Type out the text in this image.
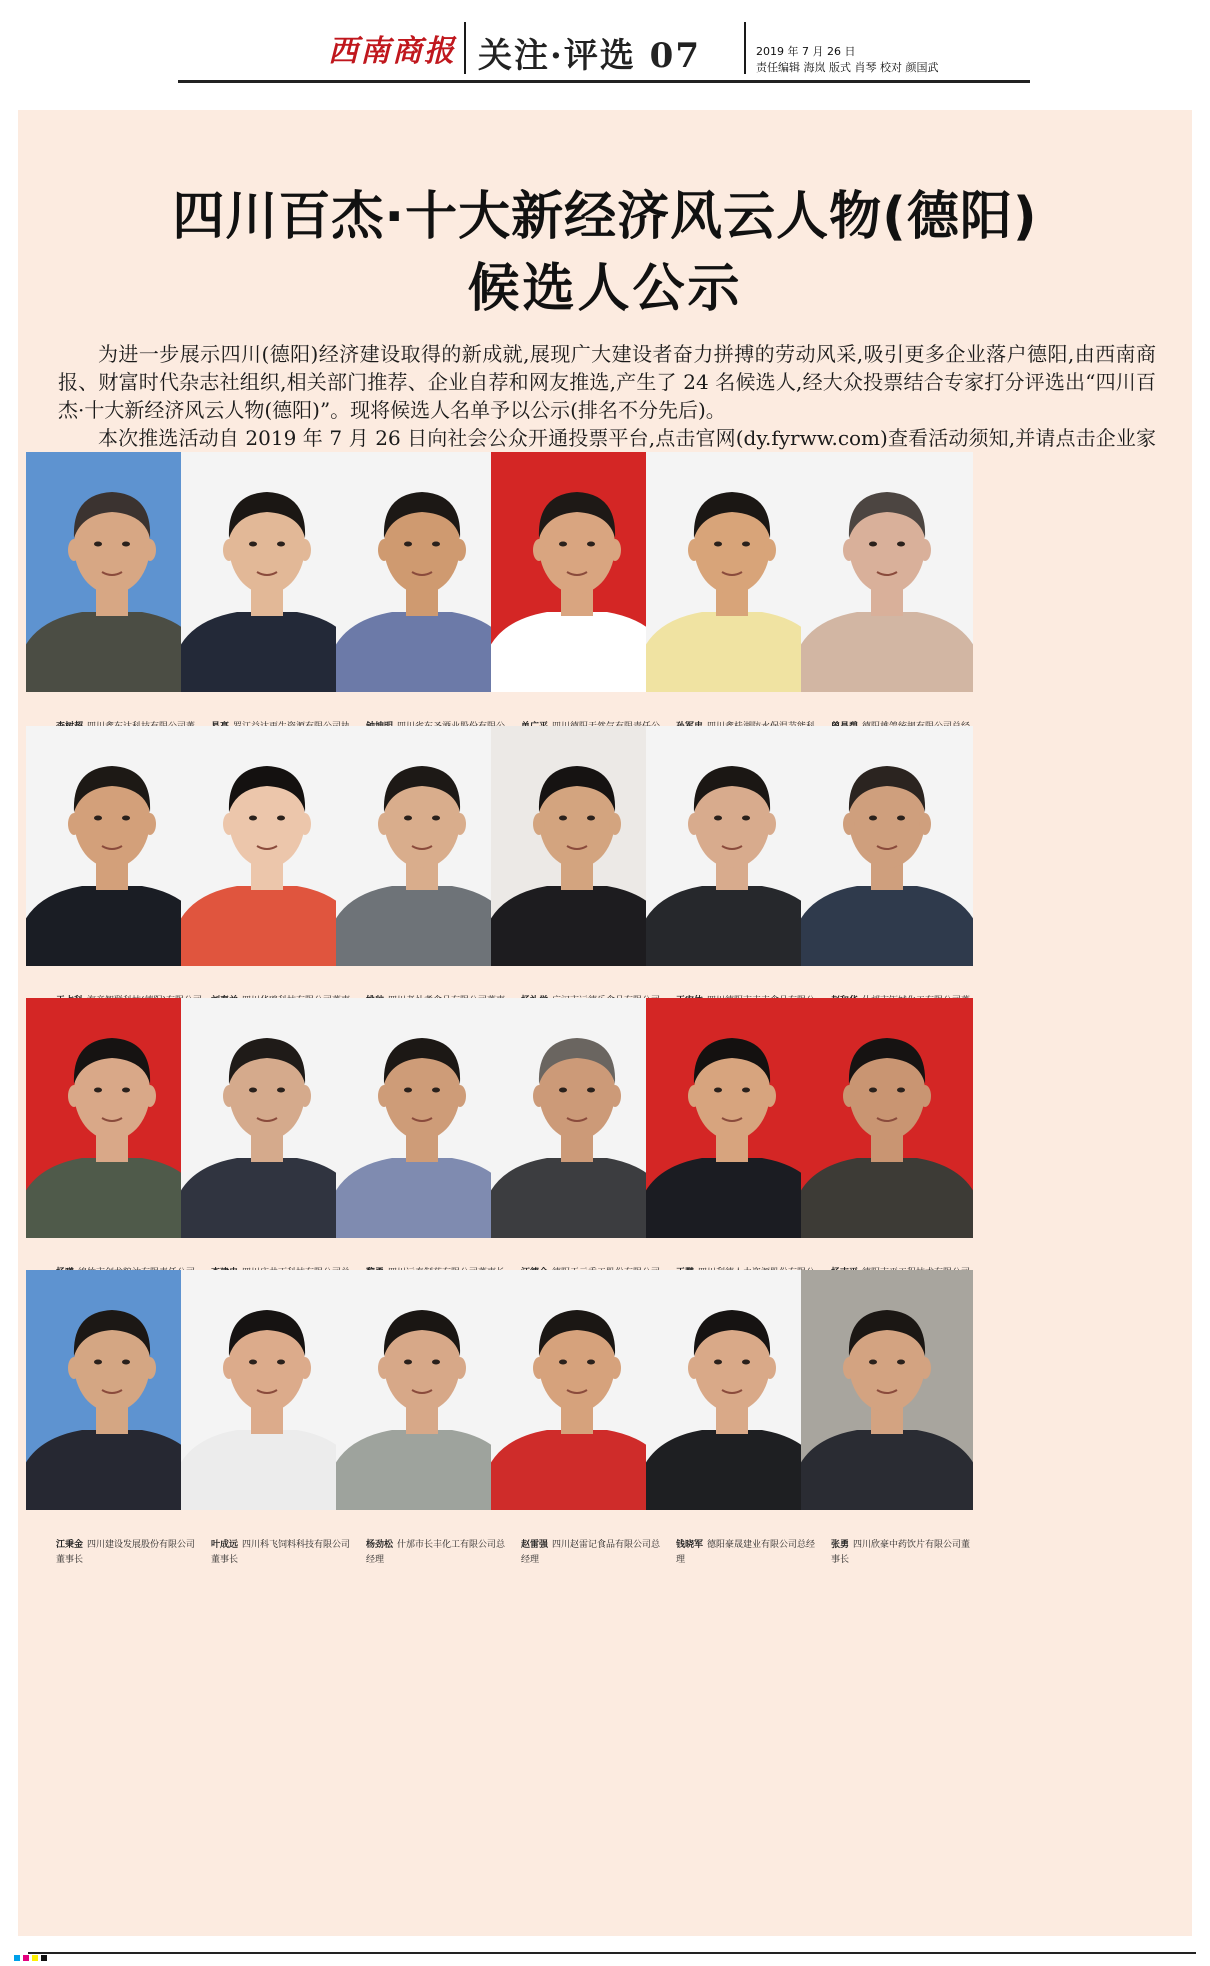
西南商报 关注·评选 07	2019 年 7 月 26 日
责任编辑 海岚 版式 肖琴 校对 颜国武
四川百杰·十大新经济风云人物(德阳)
候选人公示

为进一步展示四川(德阳)经济建设取得的新成就,展现广大建设者奋力拼搏的劳动风采,吸引更多企业落户德阳,由西南商报、财富时代杂志社组织,相关部门推荐、企业自荐和网友推选,产生了 24 名候选人,经大众投票结合专家打分评选出“四川百杰·十大新经济风云人物(德阳)”。现将候选人名单予以公示(排名不分先后)。

本次推选活动自 2019 年 7 月 26 日向社会公众开通投票平台,点击官网(dy.fyrww.com)查看活动须知,并请点击企业家

江秉金 四川建设发展股份有限公司董事长
叶成远 四川科飞饲料科技有限公司董事长
杨劲松 什邡市长丰化工有限公司总经理
赵雷强 四川赵雷记食品有限公司总经理
钱晓军 德阳豪晟建业有限公司总经理
张勇 四川欣豪中药饮片有限公司董事长
